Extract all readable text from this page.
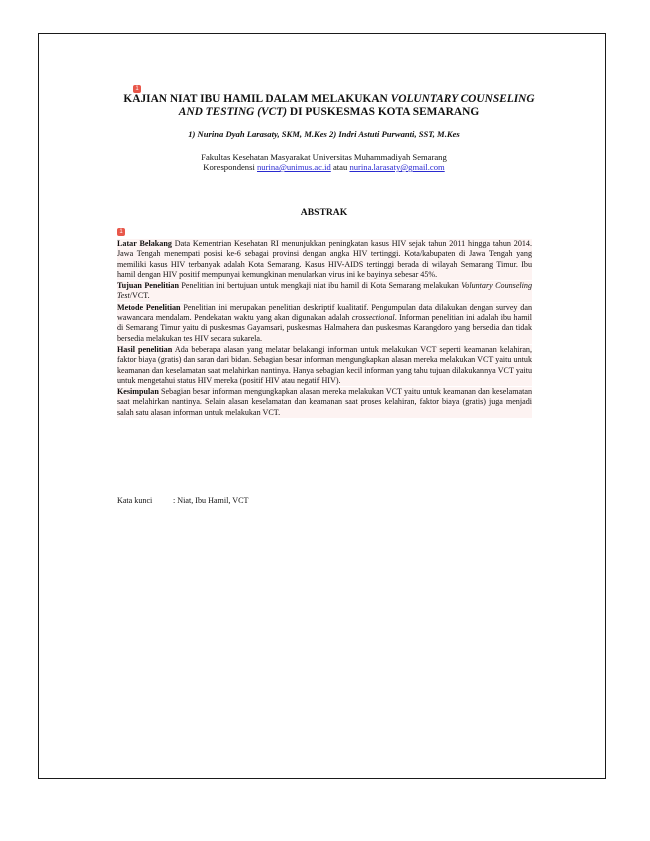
1
KAJIAN NIAT IBU HAMIL DALAM MELAKUKAN VOLUNTARY COUNSELING AND TESTING (VCT) DI PUSKESMAS KOTA SEMARANG
1) Nurina Dyah Larasaty, SKM, M.Kes 2) Indri Astuti Purwanti, SST, M.Kes
Fakultas Kesehatan Masyarakat Universitas Muhammadiyah Semarang
Korespondensi nurina@unimus.ac.id atau nurina.larasaty@gmail.com
ABSTRAK
1

Latar Belakang Data Kementrian Kesehatan RI menunjukkan peningkatan kasus HIV sejak tahun 2011 hingga tahun 2014. Jawa Tengah menempati posisi ke-6 sebagai provinsi dengan angka HIV tertinggi. Kota/kabupaten di Jawa Tengah yang memiliki kasus HIV terbanyak adalah Kota Semarang. Kasus HIV-AIDS tertinggi berada di wilayah Semarang Timur. Ibu hamil dengan HIV positif mempunyai kemungkinan menularkan virus ini ke bayinya sebesar 45%.

Tujuan Penelitian Penelitian ini bertujuan untuk mengkaji niat ibu hamil di Kota Semarang melakukan Voluntary Counseling Test/VCT.

Metode Penelitian Penelitian ini merupakan penelitian deskriptif kualitatif. Pengumpulan data dilakukan dengan survey dan wawancara mendalam. Pendekatan waktu yang akan digunakan adalah crossectional. Informan penelitian ini adalah ibu hamil di Semarang Timur yaitu di puskesmas Gayamsari, puskesmas Halmahera dan puskesmas Karangdoro yang bersedia dan tidak bersedia melakukan tes HIV secara sukarela.

Hasil penelitian Ada beberapa alasan yang melatar belakangi informan untuk melakukan VCT seperti keamanan kelahiran, faktor biaya (gratis) dan saran dari bidan. Sebagian besar informan mengungkapkan alasan mereka melakukan VCT yaitu untuk keamanan dan keselamatan saat melahirkan nantinya. Hanya sebagian kecil informan yang tahu tujuan dilakukannya VCT yaitu untuk mengetahui status HIV mereka (positif HIV atau negatif HIV).

Kesimpulan Sebagian besar informan mengungkapkan alasan mereka melakukan VCT yaitu untuk keamanan dan keselamatan saat melahirkan nantinya. Selain alasan keselamatan dan keamanan saat proses kelahiran, faktor biaya (gratis) juga menjadi salah satu alasan informan untuk melakukan VCT.

Kata kunci	: Niat, Ibu Hamil, VCT
